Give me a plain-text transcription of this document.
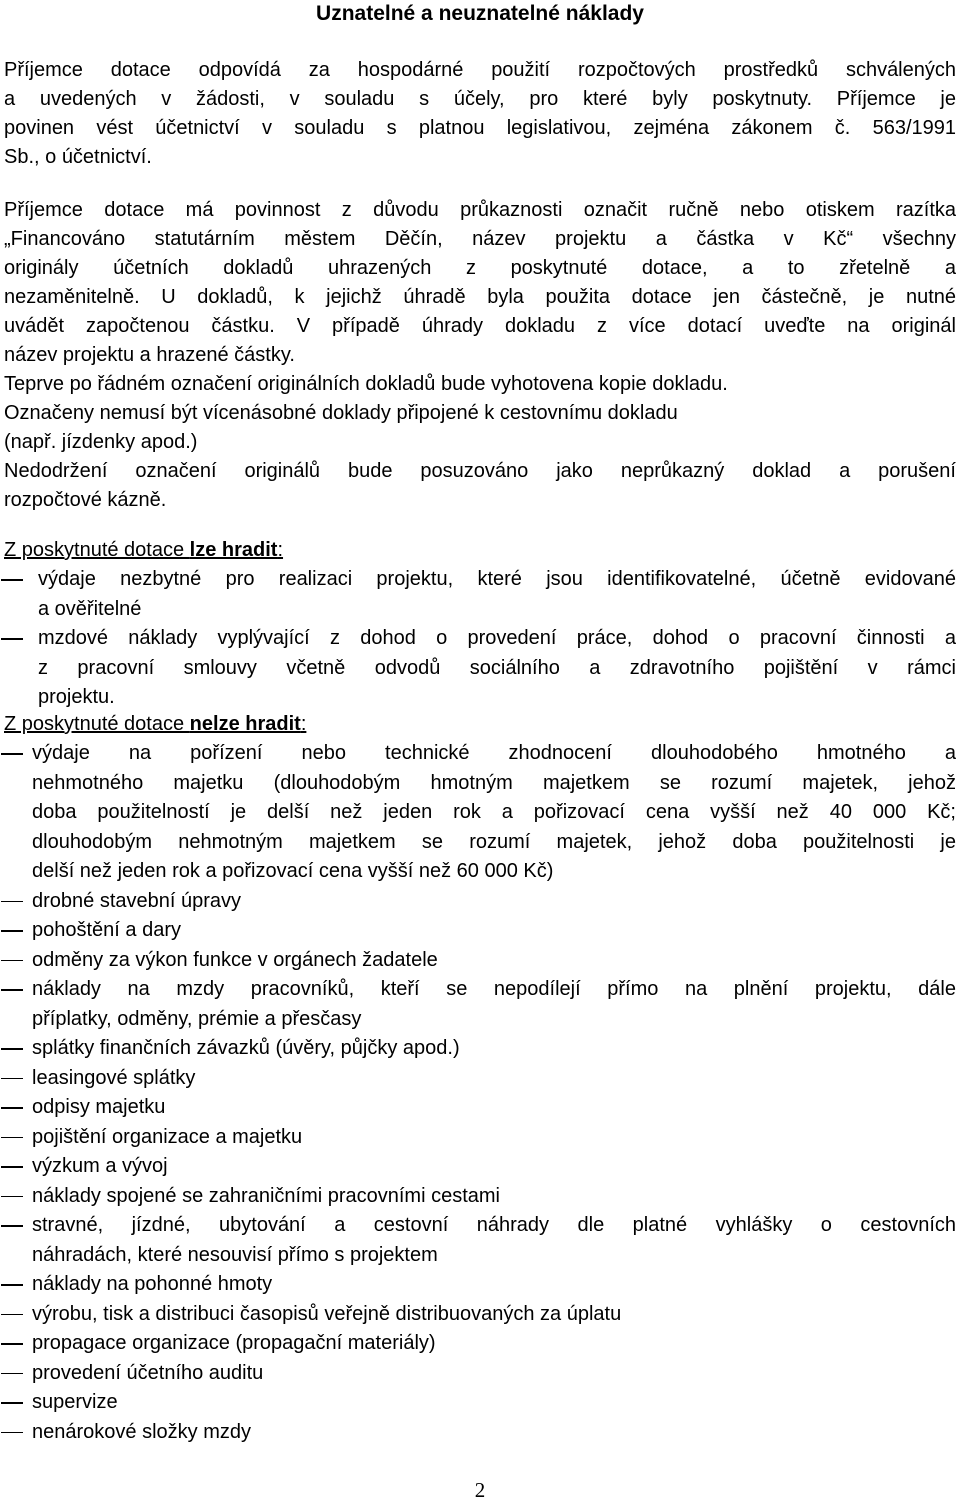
Uznatelné a neuznatelné náklady
Příjemce dotace odpovídá za hospodárné použití rozpočtových prostředků schválených
a uvedených v žádosti, v souladu s účely, pro které byly poskytnuty. Příjemce je
povinen vést účetnictví v souladu s platnou legislativou, zejména zákonem č. 563/1991
Sb., o účetnictví.
Příjemce dotace má povinnost z důvodu průkaznosti označit ručně nebo otiskem razítka
„Financováno statutárním městem Děčín, název projektu a částka v Kč“ všechny
originály účetních dokladů uhrazených z poskytnuté dotace, a to zřetelně a
nezaměnitelně. U dokladů, k jejichž úhradě byla použita dotace jen částečně, je nutné
uvádět započtenou částku. V případě úhrady dokladu z více dotací uveďte na originál
název projektu a hrazené částky.
Teprve po řádném označení originálních dokladů bude vyhotovena kopie dokladu.
Označeny nemusí být vícenásobné doklady připojené k cestovnímu dokladu
(např. jízdenky apod.)
Nedodržení označení originálů bude posuzováno jako neprůkazný doklad a porušení
rozpočtové kázně.
Z poskytnuté dotace lze hradit:
výdaje nezbytné pro realizaci projektu, které jsou identifikovatelné, účetně evidované
a ověřitelné
mzdové náklady vyplývající z dohod o provedení práce, dohod o pracovní činnosti a
z pracovní smlouvy včetně odvodů sociálního a zdravotního pojištění v rámci
projektu.
Z poskytnuté dotace nelze hradit:
výdaje na pořízení nebo technické zhodnocení dlouhodobého hmotného a
nehmotného majetku (dlouhodobým hmotným majetkem se rozumí majetek, jehož
doba použitelností je delší než jeden rok a pořizovací cena vyšší než 40 000 Kč;
dlouhodobým nehmotným majetkem se rozumí majetek, jehož doba použitelnosti je
delší než jeden rok a pořizovací cena vyšší než 60 000 Kč)
drobné stavební úpravy
pohoštění a dary
odměny za výkon funkce v orgánech žadatele
náklady na mzdy pracovníků, kteří se nepodílejí přímo na plnění projektu, dále
příplatky, odměny, prémie a přesčasy
splátky finančních závazků (úvěry, půjčky apod.)
leasingové splátky
odpisy majetku
pojištění organizace a majetku
výzkum a vývoj
náklady spojené se zahraničními pracovními cestami
stravné, jízdné, ubytování a cestovní náhrady dle platné vyhlášky o cestovních
náhradách, které nesouvisí přímo s projektem
náklady na pohonné hmoty
výrobu, tisk a distribuci časopisů veřejně distribuovaných za úplatu
propagace organizace (propagační materiály)
provedení účetního auditu
supervize
nenárokové složky mzdy
2
